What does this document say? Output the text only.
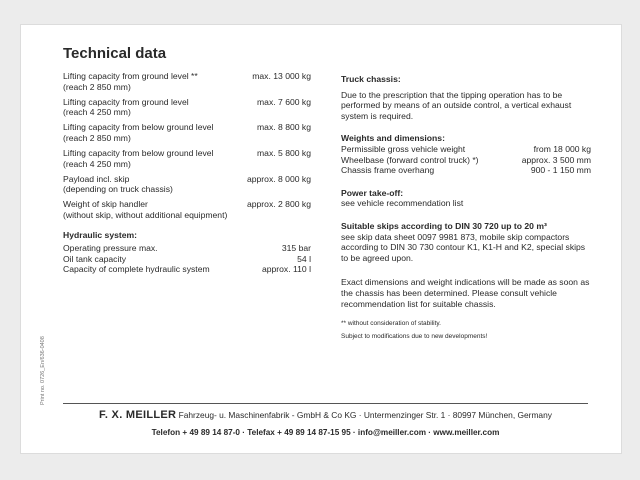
Technical data
Lifting capacity from ground level **	max. 13 000 kg
(reach 2 850 mm)
Lifting capacity from ground level	max. 7 600 kg
(reach 4 250 mm)
Lifting capacity from below ground level	max. 8 800 kg
(reach 2 850 mm)
Lifting capacity from below ground level	max. 5 800 kg
(reach 4 250 mm)
Payload incl. skip	approx. 8 000 kg
(depending on truck chassis)
Weight of skip handler	approx. 2 800 kg
(without skip, without additional equipment)
Hydraulic system:
Operating pressure max.	315 bar
Oil tank capacity	54 l
Capacity of complete hydraulic system	approx. 110 l
Truck chassis:
Due to the prescription that the tipping operation has to be performed by means of an outside control, a vertical exhaust system is required.
Weights and dimensions:
Permissible gross vehicle weight	from 18 000 kg
Wheelbase (forward control truck) *)	approx. 3 500 mm
Chassis frame overhang	900 - 1 150 mm
Power take-off:
see vehicle recommendation list
Suitable skips according to DIN 30 720 up to 20 m³
see skip data sheet 0097 9981 873, mobile skip compactors according to DIN 30 730 contour K1, K1-H and K2, special skips to be agreed upon.
Exact dimensions and weight indications will be made as soon as the chassis has been determined. Please consult vehicle recommendation list for suitable chassis.
** without consideration of stability.
Subject to modifications due to new developments!
Print no. 0726_En/636-0408
F. X. MEILLER Fahrzeug- u. Maschinenfabrik - GmbH & Co KG · Untermenzinger Str. 1 · 80997 München, Germany
Telefon + 49 89 14 87-0 · Telefax + 49 89 14 87-15 95 · info@meiller.com · www.meiller.com
